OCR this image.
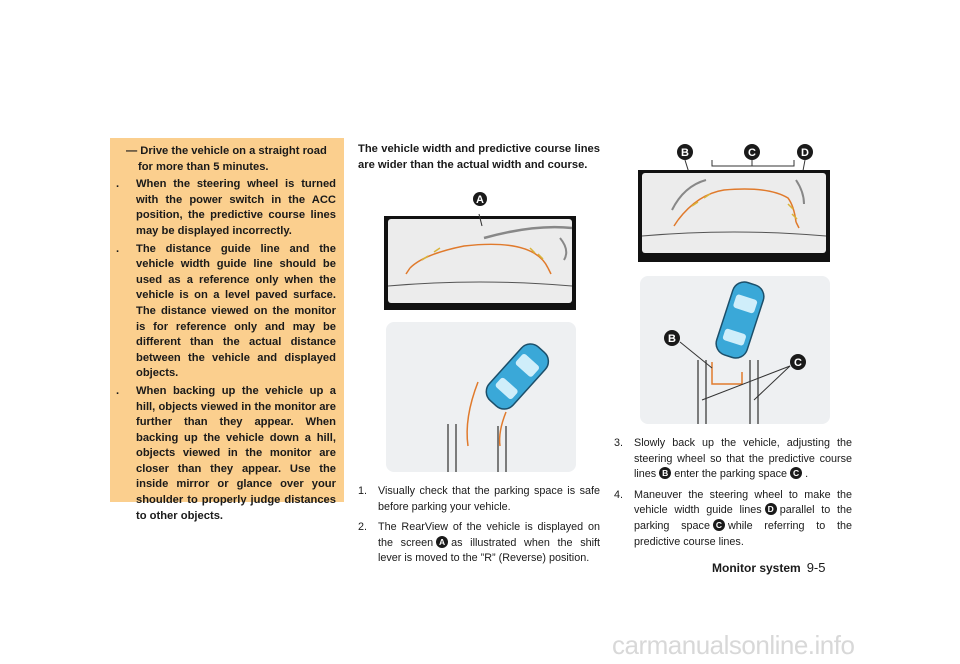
— Drive the vehicle on a straight road for more than 5 minutes.
. When the steering wheel is turned with the power switch in the ACC position, the predictive course lines may be displayed incorrectly.
. The distance guide line and the vehicle width guide line should be used as a reference only when the vehicle is on a level paved surface. The distance viewed on the monitor is for reference only and may be different than the actual distance between the vehicle and displayed objects.
. When backing up the vehicle up a hill, objects viewed in the monitor are further than they appear. When backing up the vehicle down a hill, objects viewed in the monitor are closer than they appear. Use the inside mirror or glance over your shoulder to properly judge distances to other objects.
The vehicle width and predictive course lines are wider than the actual width and course.
A
1. Visually check that the parking space is safe before parking your vehicle.
2. The RearView of the vehicle is displayed on the screen A as illustrated when the shift lever is moved to the ”R” (Reverse) position.
B	C	D
B
C
3. Slowly back up the vehicle, adjusting the steering wheel so that the predictive course lines B enter the parking space C .
4. Maneuver the steering wheel to make the vehicle width guide lines D parallel to the parking space C while referring to the predictive course lines.
Monitor system 9-5
carmanualsonline.info
